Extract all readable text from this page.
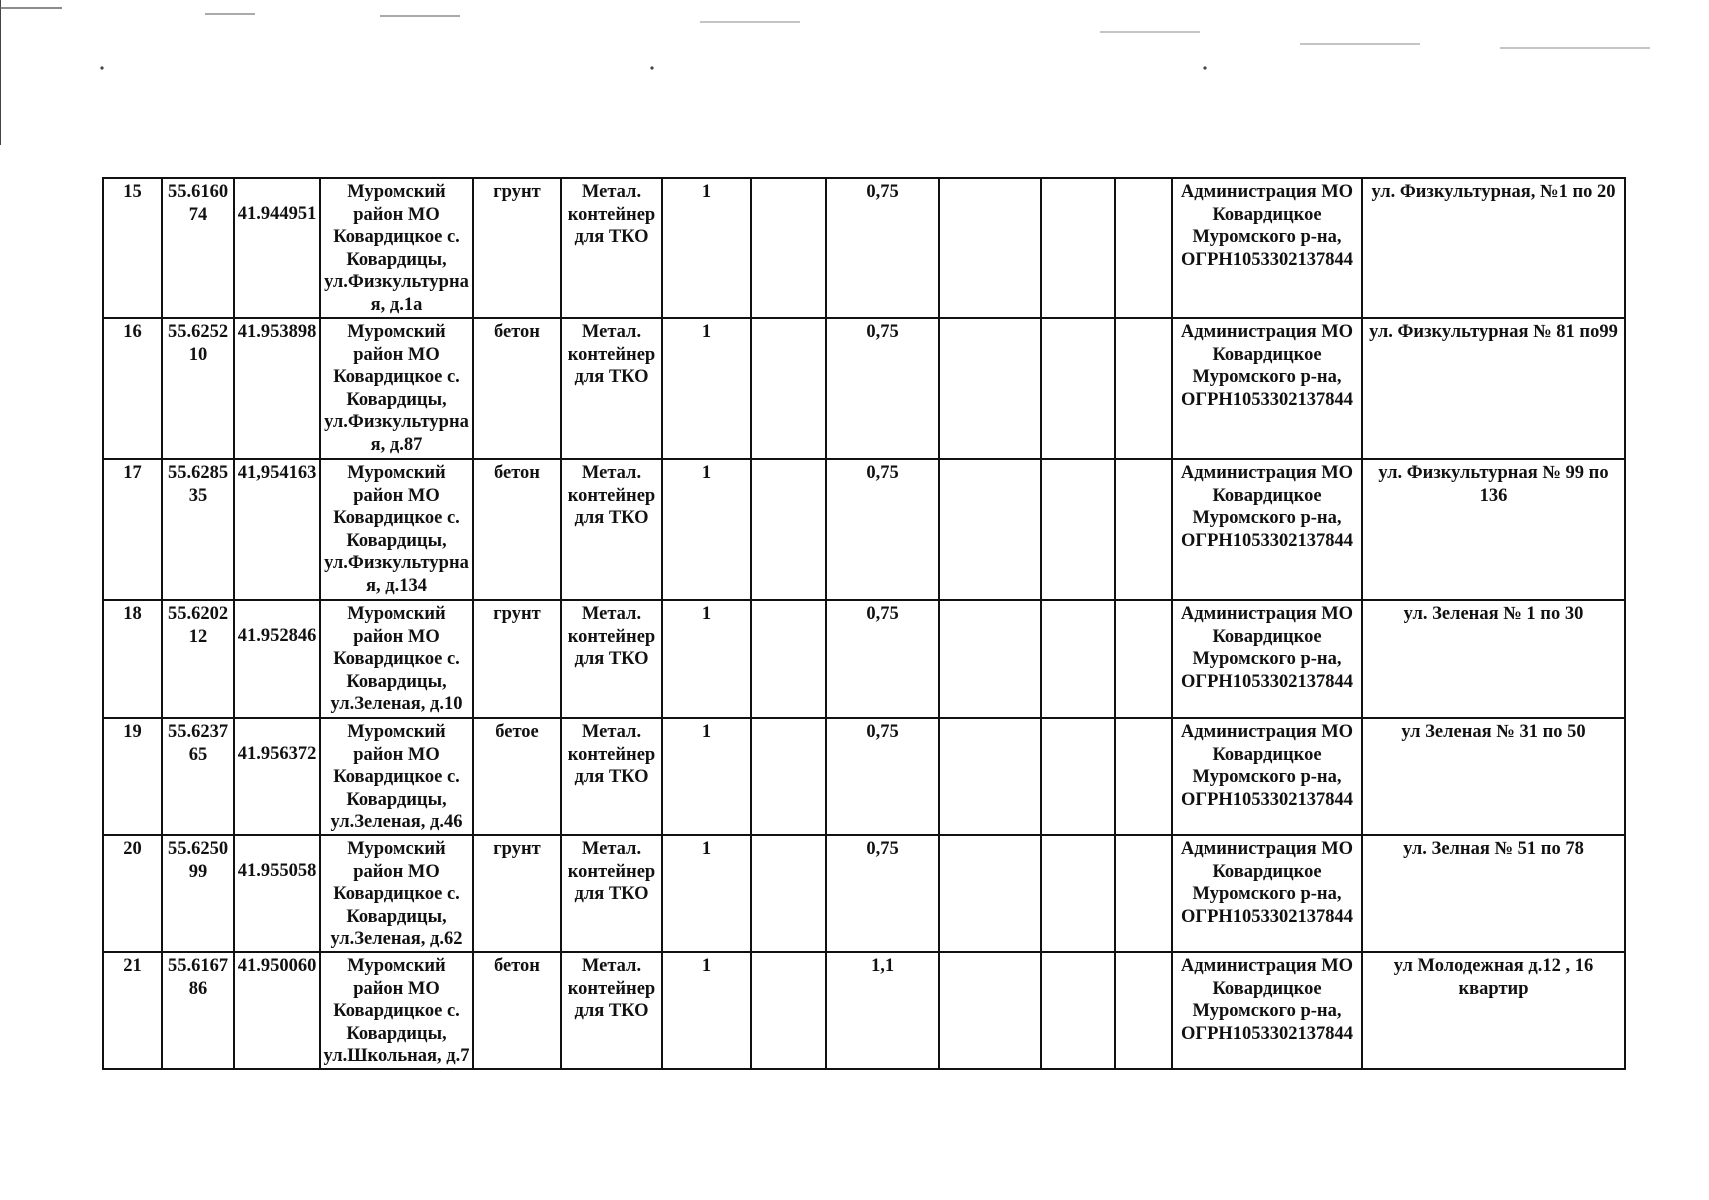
15	55.616074	41.944951	Муромский район МО Ковардицкое с. Ковардицы, ул.Физкультурная, д.1а	грунт	Метал. контейнер для ТКО	1		0,75				Администрация МО Ковардицкое Муромского р-на, ОГРН1053302137844	ул. Физкультурная, №1 по 20
16	55.625210	41.953898	Муромский район МО Ковардицкое с. Ковардицы, ул.Физкультурная, д.87	бетон	Метал. контейнер для ТКО	1		0,75				Администрация МО Ковардицкое Муромского р-на, ОГРН1053302137844	ул. Физкультурная № 81 по99
17	55.628535	41,954163	Муромский район МО Ковардицкое с. Ковардицы, ул.Физкультурная, д.134	бетон	Метал. контейнер для ТКО	1		0,75				Администрация МО Ковардицкое Муромского р-на, ОГРН1053302137844	ул. Физкультурная № 99 по 136
18	55.620212	41.952846	Муромский район МО Ковардицкое с. Ковардицы, ул.Зеленая, д.10	грунт	Метал. контейнер для ТКО	1		0,75				Администрация МО Ковардицкое Муромского р-на, ОГРН1053302137844	ул. Зеленая № 1 по 30
19	55.623765	41.956372	Муромский район МО Ковардицкое с. Ковардицы, ул.Зеленая, д.46	бетое	Метал. контейнер для ТКО	1		0,75				Администрация МО Ковардицкое Муромского р-на, ОГРН1053302137844	ул Зеленая № 31 по 50
20	55.625099	41.955058	Муромский район МО Ковардицкое с. Ковардицы, ул.Зеленая, д.62	грунт	Метал. контейнер для ТКО	1		0,75				Администрация МО Ковардицкое Муромского р-на, ОГРН1053302137844	ул. Зелная № 51 по 78
21	55.616786	41.950060	Муромский район МО Ковардицкое с. Ковардицы, ул.Школьная, д.7	бетон	Метал. контейнер для ТКО	1		1,1				Администрация МО Ковардицкое Муромского р-на, ОГРН1053302137844	ул Молодежная д.12 , 16 квартир
